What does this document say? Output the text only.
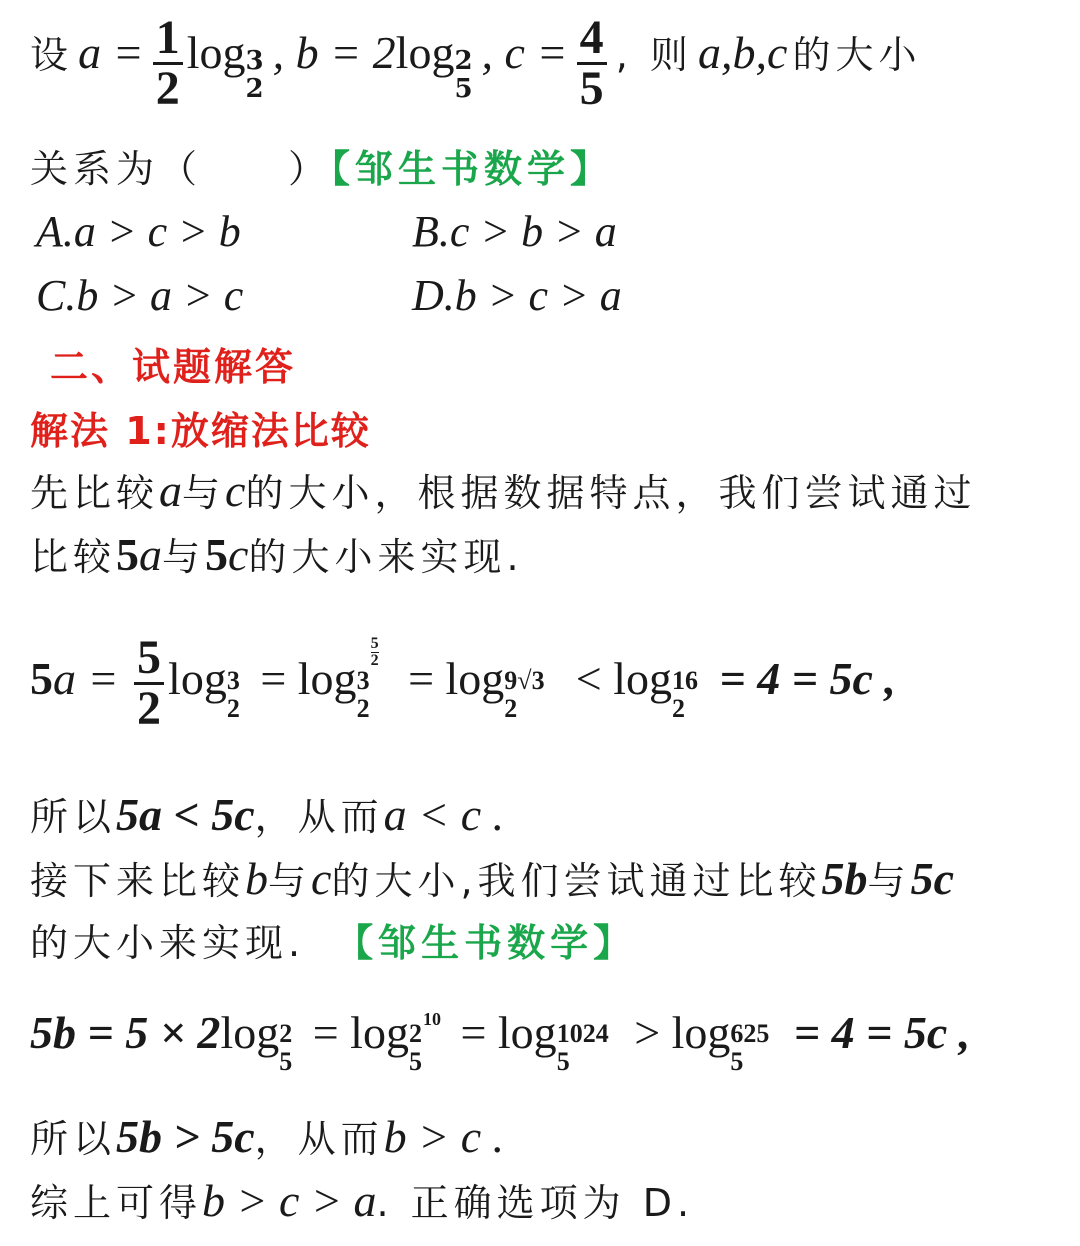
设 $a = \frac{1}{2}$ log 3
2
, b = 2log 2
5
, $c = \frac{4}{5}$ , 则 a,b,c 的大小
关系为（　　）【邹生书数学】
A.a > c > b	B.c > b > a
C.b > a > c	D.b > c > a
二、试题解答
解法 1:放缩法比较
先比较a与c的大小，根据数据特点，我们尝试通过
比较5a与5c的大小来实现.
$5a = \frac{5}{2}$ log 3
2
= log 3
$\frac{5}{2}$
2
= log 9√3
2
< log 16
2
= 4 = 5c ,
所以5a < 5c，从而a < c .
接下来比较b与c的大小,我们尝试通过比较5b与5c
的大小来实现. 【邹生书数学】
5b = 5 × 2log 2
5
= log 2 10
5
= log 1024
5
> log 625
5
= 4 = 5c ,
所以5b > 5c，从而b > c .
综上可得b > c > a. 正确选项为 D.
